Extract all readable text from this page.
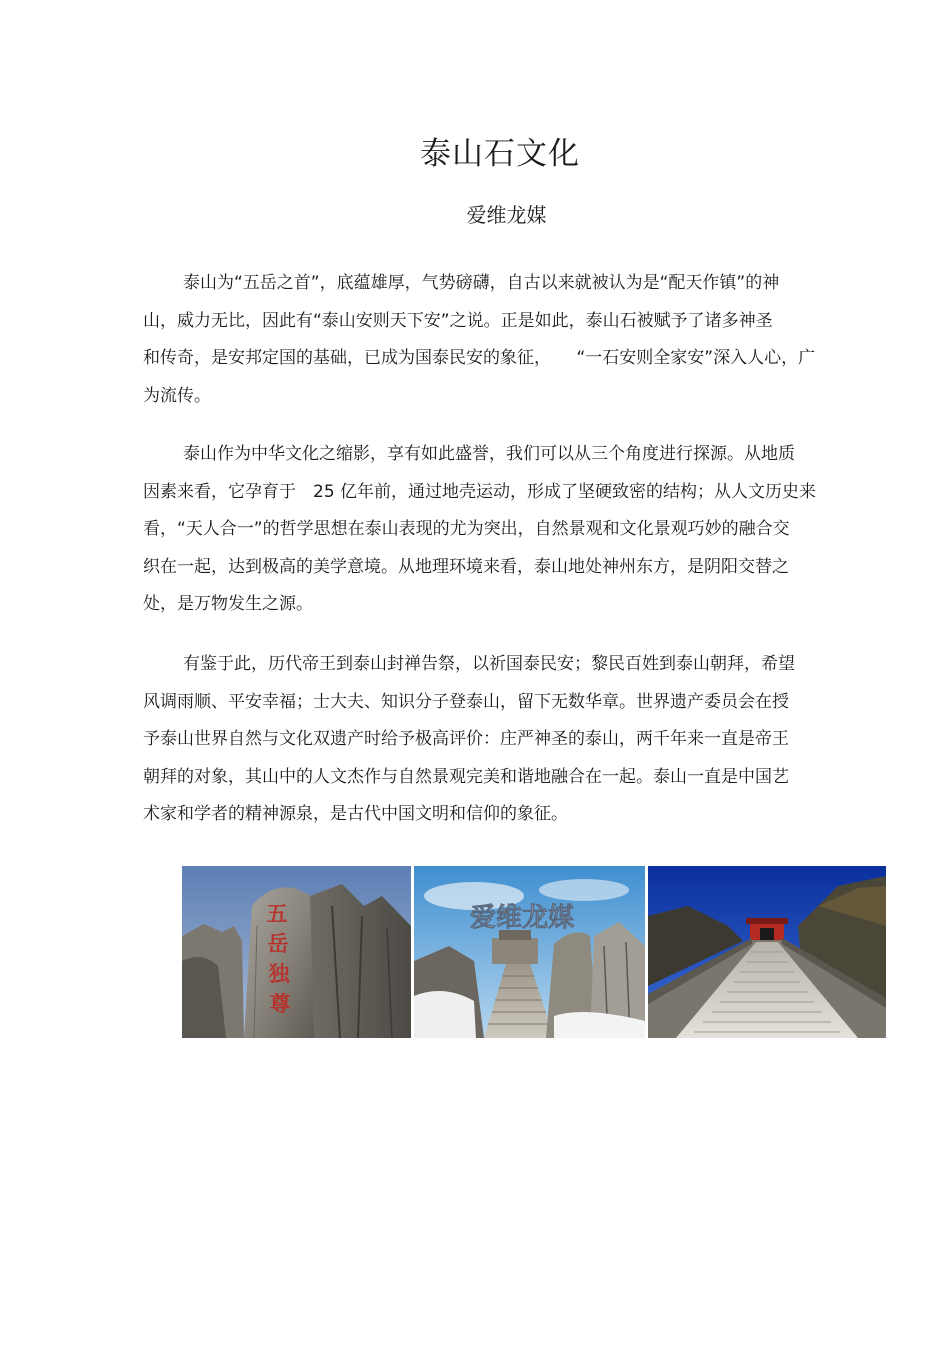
泰山石文化

爱维龙媒

泰山为“五岳之首”，底蕴雄厚，气势磅礴，自古以来就被认为是“配天作镇”的神
山，威力无比，因此有“泰山安则天下安”之说。正是如此，泰山石被赋予了诸多神圣
和传奇，是安邦定国的基础，已成为国泰民安的象征，　　“一石安则全家安”深入人心，广
为流传。

泰山作为中华文化之缩影，享有如此盛誉，我们可以从三个角度进行探源。从地质
因素来看，它孕育于　25 亿年前，通过地壳运动，形成了坚硬致密的结构；从人文历史来
看，“天人合一”的哲学思想在泰山表现的尤为突出，自然景观和文化景观巧妙的融合交
织在一起，达到极高的美学意境。从地理环境来看，泰山地处神州东方，是阴阳交替之
处，是万物发生之源。

有鉴于此，历代帝王到泰山封禅告祭，以祈国泰民安；黎民百姓到泰山朝拜，希望
风调雨顺、平安幸福；士大夫、知识分子登泰山，留下无数华章。世界遗产委员会在授
予泰山世界自然与文化双遗产时给予极高评价：庄严神圣的泰山，两千年来一直是帝王
朝拜的对象，其山中的人文杰作与自然景观完美和谐地融合在一起。泰山一直是中国艺
术家和学者的精神源泉，是古代中国文明和信仰的象征。

五
岳
独
尊
爱维龙媒
